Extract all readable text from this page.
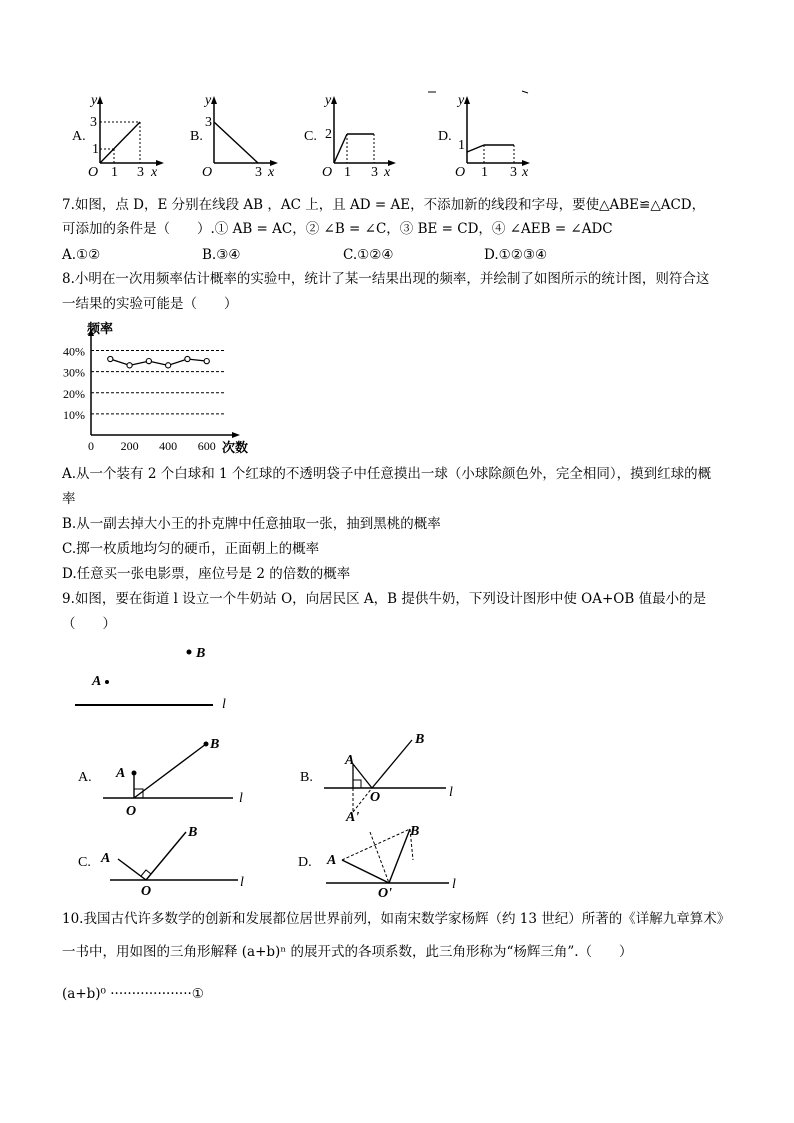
A.
3
1
1 3 x
y
O
B.
3
3 x
y
O
C. 2
1 3 x
y
O
D.
1
1 3 x
y
O
7.如图，点 D，E 分别在线段 AB ，AC 上，且 AD = AE，不添加新的线段和字母，要使△ABE≌△ACD，
可添加的条件是（　　）.① AB = AC，② ∠B = ∠C，③ BE = CD，④ ∠AEB = ∠ADC
A.①②	B.③④	C.①②④	D.①②③④
8.小明在一次用频率估计概率的实验中，统计了某一结果出现的频率，并绘制了如图所示的统计图，则符合这
一结果的实验可能是（　　）
10%
20%
30%
40%
0 200 400 600
频率
次数
A.从一个装有 2 个白球和 1 个红球的不透明袋子中任意摸出一球（小球除颜色外，完全相同），摸到红球的概
率
B.从一副去掉大小王的扑克牌中任意抽取一张，抽到黑桃的概率
C.掷一枚质地均匀的硬币，正面朝上的概率
D.任意买一张电影票，座位号是 2 的倍数的概率
9.如图，要在街道 l 设立一个牛奶站 O，向居民区 A，B 提供牛奶，下列设计图形中使 OA+OB 值最小的是
（　　）
B
A
l
A.
l
A
B
O
B.
l
A
B
O
A'
C.
l
A
B
O
D.
l
A
B
O'
10.我国古代许多数学的创新和发展都位居世界前列，如南宋数学家杨辉（约 13 世纪）所著的《详解九章算术》
一书中，用如图的三角形解释 (a+b)ⁿ 的展开式的各项系数，此三角形称为“杨辉三角”.（　　）
(a+b)⁰ ···················①
